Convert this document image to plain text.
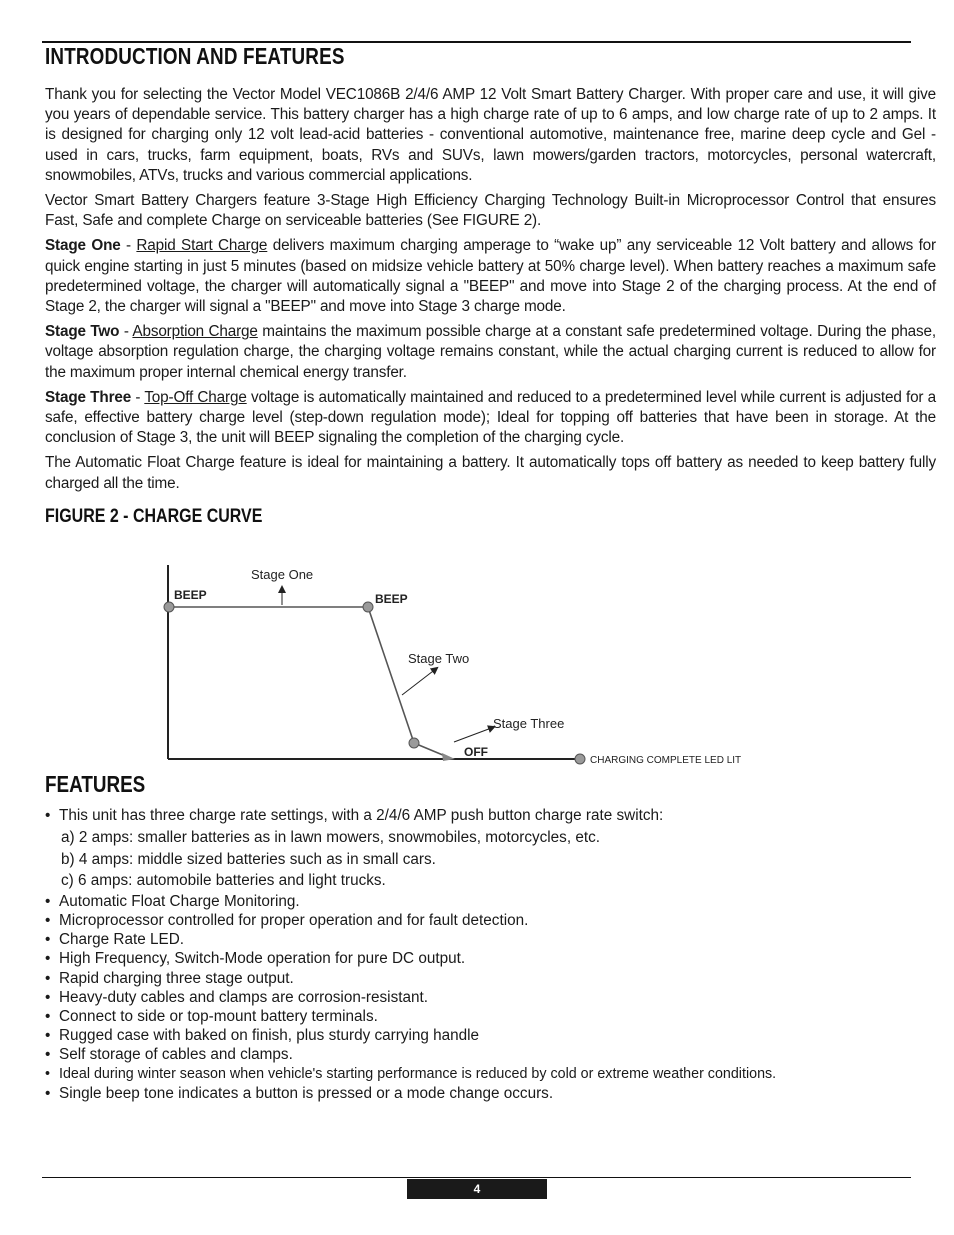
INTRODUCTION AND FEATURES

Thank you for selecting the Vector Model VEC1086B 2/4/6 AMP 12 Volt Smart Battery Charger. With proper care and use, it will give you years of dependable service. This battery charger has a high charge rate of up to 6 amps, and low charge rate of up to 2 amps. It is designed for charging only 12 volt lead-acid batteries - conventional automotive, maintenance free, marine deep cycle and Gel - used in cars, trucks, farm equipment, boats, RVs and SUVs, lawn mowers/garden tractors, motorcycles, personal watercraft, snowmobiles, ATVs, trucks and various commercial applications.

Vector Smart Battery Chargers feature 3-Stage High Efficiency Charging Technology Built-in Microprocessor Control that ensures Fast, Safe and complete Charge on serviceable batteries (See FIGURE 2).

Stage One - Rapid Start Charge delivers maximum charging amperage to “wake up” any serviceable 12 Volt battery and allows for quick engine starting in just 5 minutes (based on midsize vehicle battery at 50% charge level). When battery reaches a maximum safe predetermined voltage, the charger will automatically signal a "BEEP" and move into Stage 2 of the charging process. At the end of Stage 2, the charger will signal a "BEEP" and move into Stage 3 charge mode.

Stage Two - Absorption Charge maintains the maximum possible charge at a constant safe predetermined voltage. During the phase, voltage absorption regulation charge, the charging voltage remains constant, while the actual charging current is reduced to allow for the maximum proper internal chemical energy transfer.

Stage Three - Top-Off Charge voltage is automatically maintained and reduced to a predetermined level while current is adjusted for a safe, effective battery charge level (step-down regulation mode); Ideal for topping off batteries that have been in storage. At the conclusion of Stage 3, the unit will BEEP signaling the completion of the charging cycle.

The Automatic Float Charge feature is ideal for maintaining a battery. It automatically tops off battery as needed to keep battery fully charged all the time.

FIGURE 2 - CHARGE CURVE
Stage One
BEEP	BEEP
Stage Two
Stage Three
OFF
CHARGING COMPLETE LED LIT
FEATURES
• This unit has three charge rate settings, with a 2/4/6 AMP push button charge rate switch:
a) 2 amps: smaller batteries as in lawn mowers, snowmobiles, motorcycles, etc.
b) 4 amps: middle sized batteries such as in small cars.
c) 6 amps: automobile batteries and light trucks.
• Automatic Float Charge Monitoring.
• Microprocessor controlled for proper operation and for fault detection.
• Charge Rate LED.
• High Frequency, Switch-Mode operation for pure DC output.
• Rapid charging three stage output.
• Heavy-duty cables and clamps are corrosion-resistant.
• Connect to side or top-mount battery terminals.
• Rugged case with baked on finish, plus sturdy carrying handle
• Self storage of cables and clamps.
• Ideal during winter season when vehicle's starting performance is reduced by cold or extreme weather conditions.
• Single beep tone indicates a button is pressed or a mode change occurs.
4
